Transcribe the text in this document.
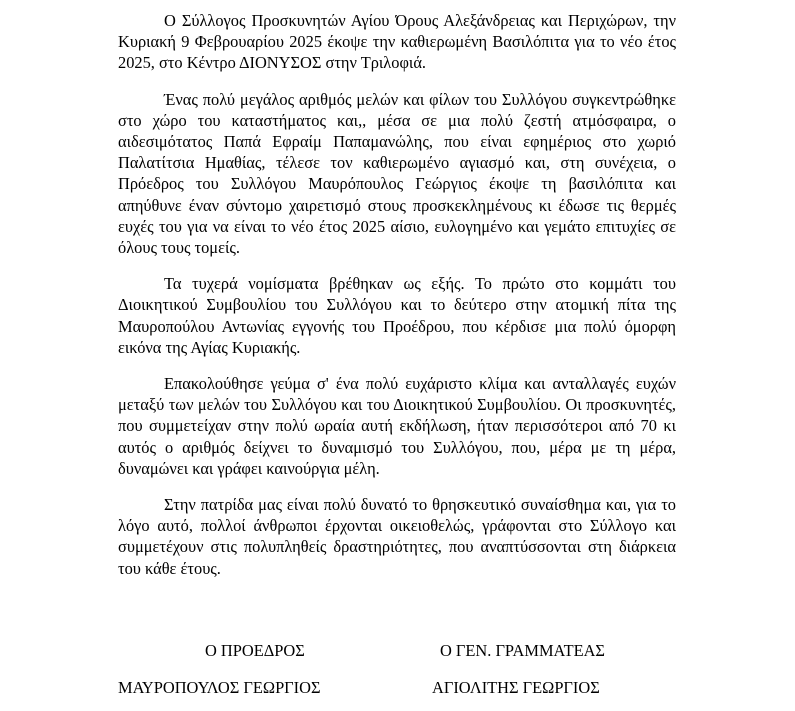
Ο Σύλλογος Προσκυνητών Αγίου Όρους Αλεξάνδρειας και Περιχώρων, την Κυριακή 9 Φεβρουαρίου 2025 έκοψε την καθιερωμένη Βασιλόπιτα για το νέο έτος 2025, στο Κέντρο ΔΙΟΝΥΣΟΣ στην Τριλοφιά.

Ένας πολύ μεγάλος αριθμός μελών και φίλων του Συλλόγου συγκεντρώθηκε στο χώρο του καταστήματος και,, μέσα σε μια πολύ ζεστή ατμόσφαιρα, ο αιδεσιμότατος Παπά Εφραίμ Παπαμανώλης, που είναι εφημέριος στο χωριό Παλατίτσια Ημαθίας, τέλεσε τον καθιερωμένο αγιασμό και, στη συνέχεια, ο Πρόεδρος του Συλλόγου Μαυρόπουλος Γεώργιος έκοψε τη βασιλόπιτα και απηύθυνε έναν σύντομο χαιρετισμό στους προσκεκλημένους κι έδωσε τις θερμές ευχές του για να είναι το νέο έτος 2025 αίσιο, ευλογημένο και γεμάτο επιτυχίες σε όλους τους τομείς.

Τα τυχερά νομίσματα βρέθηκαν ως εξής. Το πρώτο στο κομμάτι του Διοικητικού Συμβουλίου του Συλλόγου και το δεύτερο στην ατομική πίτα της Μαυροπούλου Αντωνίας εγγονής του Προέδρου, που κέρδισε μια πολύ όμορφη εικόνα της Αγίας Κυριακής.

Επακολούθησε γεύμα σ' ένα πολύ ευχάριστο κλίμα και ανταλλαγές ευχών μεταξύ των μελών του Συλλόγου και του Διοικητικού Συμβουλίου. Οι προσκυνητές, που συμμετείχαν στην πολύ ωραία αυτή εκδήλωση, ήταν περισσότεροι από 70 κι αυτός ο αριθμός δείχνει το δυναμισμό του Συλλόγου, που, μέρα με τη μέρα, δυναμώνει και γράφει καινούργια μέλη.

Στην πατρίδα μας είναι πολύ δυνατό το θρησκευτικό συναίσθημα και, για το λόγο αυτό, πολλοί άνθρωποι έρχονται οικειοθελώς, γράφονται στο Σύλλογο και συμμετέχουν στις πολυπληθείς δραστηριότητες, που αναπτύσσονται στη διάρκεια του κάθε έτους.

Ο ΠΡΟΕΔΡΟΣ	Ο ΓΕΝ. ΓΡΑΜΜΑΤΕΑΣ
ΜΑΥΡΟΠΟΥΛΟΣ ΓΕΩΡΓΙΟΣ	ΑΓΙΟΛΙΤΗΣ ΓΕΩΡΓΙΟΣ
